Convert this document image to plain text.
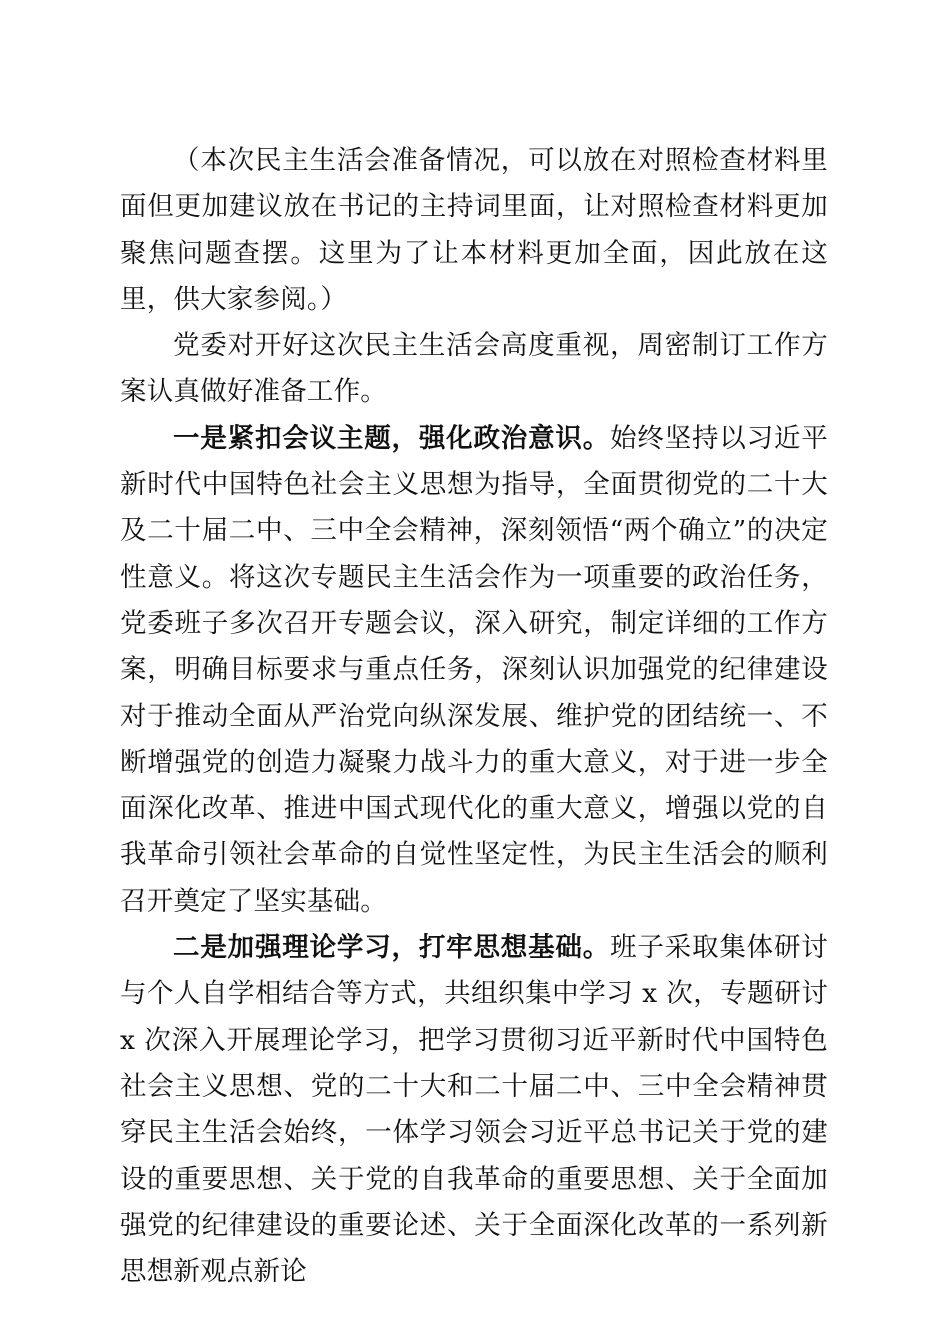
（本次民主生活会准备情况，可以放在对照检查材料里面但更加建议放在书记的主持词里面，让对照检查材料更加聚焦问题查摆。这里为了让本材料更加全面，因此放在这里，供大家参阅。）

党委对开好这次民主生活会高度重视，周密制订工作方案认真做好准备工作。

一是紧扣会议主题，强化政治意识。始终坚持以习近平新时代中国特色社会主义思想为指导，全面贯彻党的二十大及二十届二中、三中全会精神，深刻领悟“两个确立”的决定性意义。将这次专题民主生活会作为一项重要的政治任务，党委班子多次召开专题会议，深入研究，制定详细的工作方案，明确目标要求与重点任务，深刻认识加强党的纪律建设对于推动全面从严治党向纵深发展、维护党的团结统一、不断增强党的创造力凝聚力战斗力的重大意义，对于进一步全面深化改革、推进中国式现代化的重大意义，增强以党的自我革命引领社会革命的自觉性坚定性，为民主生活会的顺利召开奠定了坚实基础。

二是加强理论学习，打牢思想基础。班子采取集体研讨与个人自学相结合等方式，共组织集中学习 x 次，专题研讨 x 次深入开展理论学习，把学习贯彻习近平新时代中国特色社会主义思想、党的二十大和二十届二中、三中全会精神贯穿民主生活会始终，一体学习领会习近平总书记关于党的建设的重要思想、关于党的自我革命的重要思想、关于全面加强党的纪律建设的重要论述、关于全面深化改革的一系列新思想新观点新论
